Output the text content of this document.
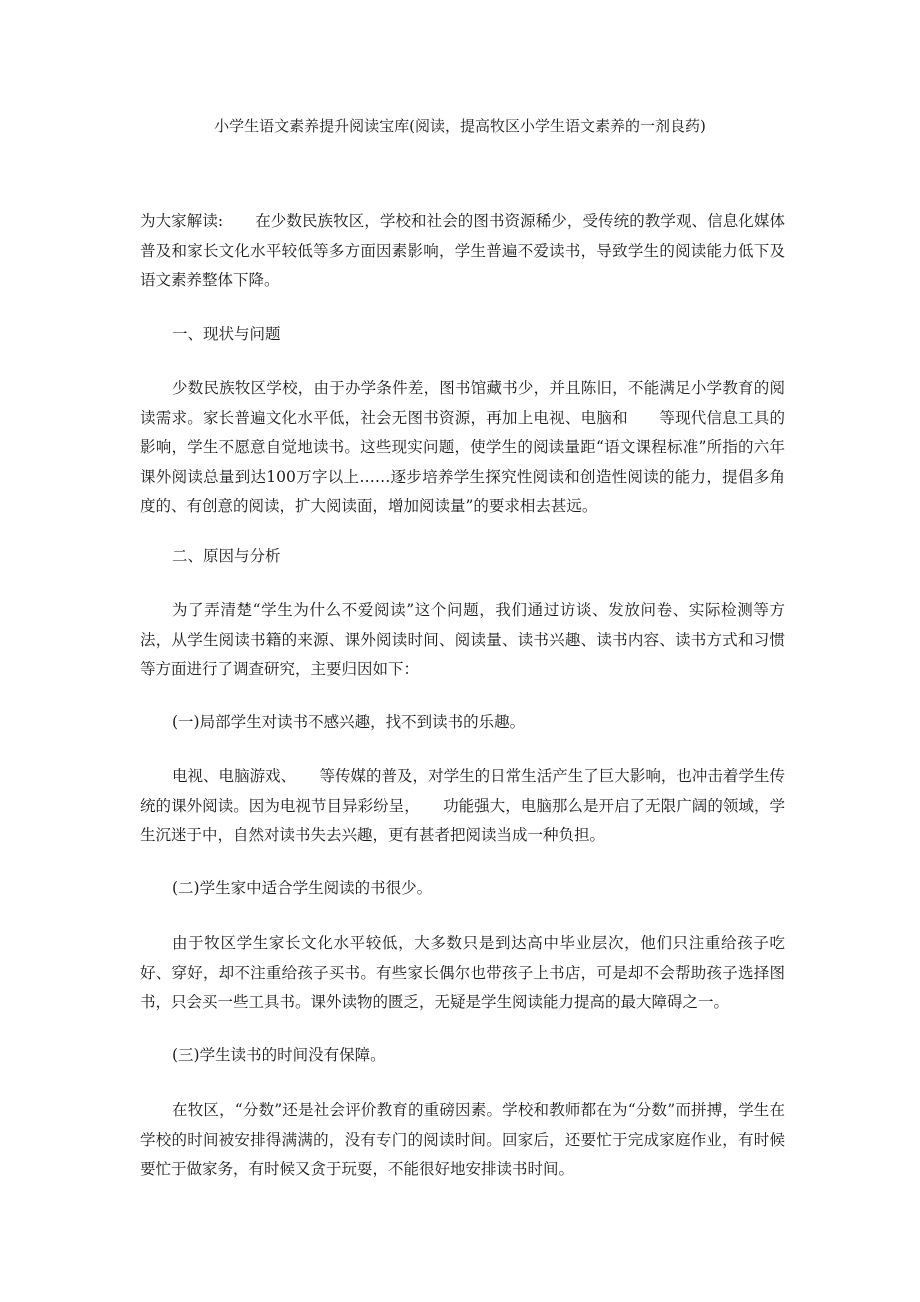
小学生语文素养提升阅读宝库(阅读，提高牧区小学生语文素养的一剂良药)

为大家解读: 在少数民族牧区，学校和社会的图书资源稀少，受传统的教学观、信息化媒体普及和家长文化水平较低等多方面因素影响，学生普遍不爱读书，导致学生的阅读能力低下及语文素养整体下降。

一、现状与问题

少数民族牧区学校，由于办学条件差，图书馆藏书少，并且陈旧，不能满足小学教育的阅读需求。家长普遍文化水平低，社会无图书资源，再加上电视、电脑和　　等现代信息工具的影响，学生不愿意自觉地读书。这些现实问题，使学生的阅读量距“语文课程标准”所指的六年课外阅读总量到达100万字以上……逐步培养学生探究性阅读和创造性阅读的能力，提倡多角度的、有创意的阅读，扩大阅读面，增加阅读量”的要求相去甚远。

二、原因与分析

为了弄清楚“学生为什么不爱阅读”这个问题，我们通过访谈、发放问卷、实际检测等方法，从学生阅读书籍的来源、课外阅读时间、阅读量、读书兴趣、读书内容、读书方式和习惯等方面进行了调查研究，主要归因如下：

(一)局部学生对读书不感兴趣，找不到读书的乐趣。

电视、电脑游戏、　　等传媒的普及，对学生的日常生活产生了巨大影响，也冲击着学生传统的课外阅读。因为电视节目异彩纷呈，　　功能强大，电脑那么是开启了无限广阔的领域，学生沉迷于中，自然对读书失去兴趣，更有甚者把阅读当成一种负担。

(二)学生家中适合学生阅读的书很少。

由于牧区学生家长文化水平较低，大多数只是到达高中毕业层次，他们只注重给孩子吃好、穿好，却不注重给孩子买书。有些家长偶尔也带孩子上书店，可是却不会帮助孩子选择图书，只会买一些工具书。课外读物的匮乏，无疑是学生阅读能力提高的最大障碍之一。

(三)学生读书的时间没有保障。

在牧区，“分数”还是社会评价教育的重磅因素。学校和教师都在为“分数”而拼搏，学生在学校的时间被安排得满满的，没有专门的阅读时间。回家后，还要忙于完成家庭作业，有时候要忙于做家务，有时候又贪于玩耍，不能很好地安排读书时间。
